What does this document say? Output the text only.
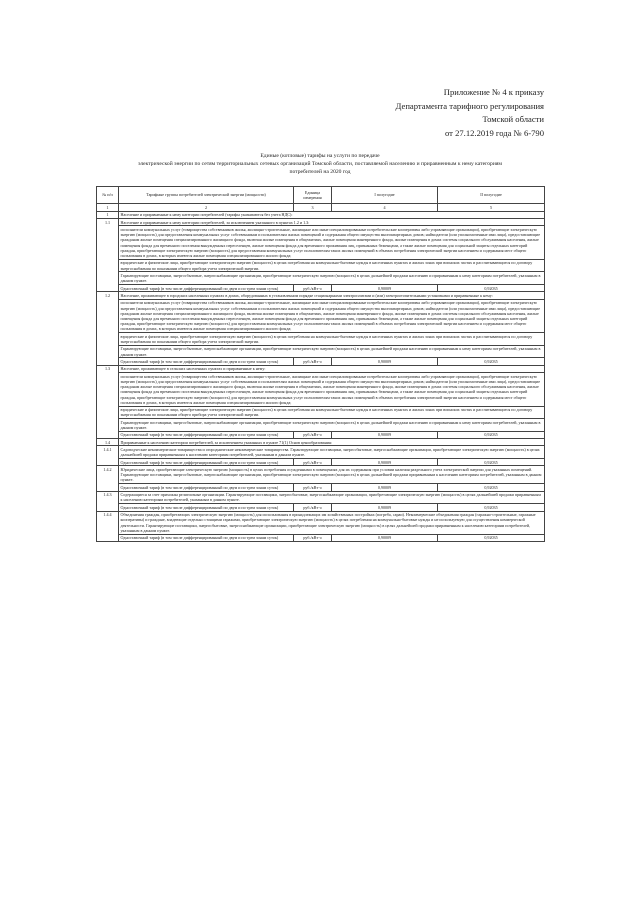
Приложение № 4 к приказу
Департамента тарифного регулирования
Томской области
от 27.12.2019 года № 6-790
Единые (котловые) тарифы на услуги по передаче
электрической энергии по сетям территориальных сетевых организаций Томской области, поставляемой населению и приравненным к нему категориям
потребителей на 2020 год
№ п/п	Тарифные группы потребителей электрической энергии (мощности)	Единица измерения	I полугодие	II полугодие
1	2	3	4	5
1	Население и приравненные к нему категории потребителей (тарифы указываются без учета НДС):			
1.1	Население и приравненные к нему категории потребителей, за исключением указанного в пунктах 1.2 и 1.3:			
	исполнители коммунальных услуг (товарищества собственников жилья, жилищно-строительные, жилищные или иные специализированные потребительские кооперативы либо управляющие организации), приобретающие электрическую энергию (мощность) для предоставления коммунальных услуг собственникам и пользователям жилых помещений и содержания общего имущества многоквартирных домов; наймодатели (или уполномоченные ими лица), предоставляющие гражданам жилые помещения специализированного жилищного фонда, включая жилые помещения в общежитиях, жилые помещения маневренного фонда, жилые помещения в домах системы социального обслуживания населения, жилые помещения фонда для временного поселения вынужденных переселенцев, жилые помещения фонда для временного проживания лиц, признанных беженцами, а также жилые помещения для социальной защиты отдельных категорий граждан, приобретающие электрическую энергию (мощность) для предоставления коммунальных услуг пользователям таких жилых помещений в объемах потребления электрической энергии населением и содержания мест общего пользования в домах, в которых имеются жилые помещения специализированного жилого фонда;			
	юридические и физические лица, приобретающие электрическую энергию (мощность) в целях потребления на коммунально-бытовые нужды в населенных пунктах и жилых зонах при воинских частях и рассчитывающиеся по договору энергоснабжения по показаниям общего прибора учета электрической энергии.			
	Гарантирующие поставщики, энергосбытовые, энергоснабжающие организации, приобретающие электрическую энергию (мощность) в целях дальнейшей продажи населению и приравненным к нему категориям потребителей, указанным в данном пункте.			
	Одноставочный тариф (в том числе дифференцированный по двум и по трем зонам суток)	руб./кВт·ч	0,90009	0,92035
1.2	Население, проживающее в городских населенных пунктах в домах, оборудованных в установленном порядке стационарными электроплитами и (или) электроотопительными установками и приравненные к нему:			
	исполнители коммунальных услуг (товарищества собственников жилья, жилищно-строительные, жилищные или иные специализированные потребительские кооперативы либо управляющие организации), приобретающие электрическую энергию (мощность) для предоставления коммунальных услуг собственникам и пользователям жилых помещений и содержания общего имущества многоквартирных домов; наймодатели (или уполномоченные ими лица), предоставляющие гражданам жилые помещения специализированного жилищного фонда, включая жилые помещения в общежитиях, жилые помещения маневренного фонда, жилые помещения в домах системы социального обслуживания населения, жилые помещения фонда для временного поселения вынужденных переселенцев, жилые помещения фонда для временного проживания лиц, признанных беженцами, а также жилые помещения для социальной защиты отдельных категорий граждан, приобретающие электрическую энергию (мощность) для предоставления коммунальных услуг пользователям таких жилых помещений в объемах потребления электрической энергии населением и содержания мест общего пользования в домах, в которых имеются жилые помещения специализированного жилого фонда;			
	юридические и физические лица, приобретающие электрическую энергию (мощность) в целях потребления на коммунально-бытовые нужды в населенных пунктах и жилых зонах при воинских частях и рассчитывающиеся по договору энергоснабжения по показаниям общего прибора учета электрической энергии.			
	Гарантирующие поставщики, энергосбытовые, энергоснабжающие организации, приобретающие электрическую энергию (мощность) в целях дальнейшей продажи населению и приравненным к нему категориям потребителей, указанным в данном пункте.			
	Одноставочный тариф (в том числе дифференцированный по двум и по трем зонам суток)	руб./кВт·ч	0,90009	0,92035
1.3	Население, проживающее в сельских населенных пунктах и приравненные к нему:			
	исполнители коммунальных услуг (товарищества собственников жилья, жилищно-строительные, жилищные или иные специализированные потребительские кооперативы либо управляющие организации), приобретающие электрическую энергию (мощность) для предоставления коммунальных услуг собственникам и пользователям жилых помещений и содержания общего имущества многоквартирных домов; наймодатели (или уполномоченные ими лица), предоставляющие гражданам жилые помещения специализированного жилищного фонда, включая жилые помещения в общежитиях, жилые помещения маневренного фонда, жилые помещения в домах системы социального обслуживания населения, жилые помещения фонда для временного поселения вынужденных переселенцев, жилые помещения фонда для временного проживания лиц, признанных беженцами, а также жилые помещения для социальной защиты отдельных категорий граждан, приобретающие электрическую энергию (мощность) для предоставления коммунальных услуг пользователям таких жилых помещений в объемах потребления электрической энергии населением и содержания мест общего пользования в домах, в которых имеются жилые помещения специализированного жилого фонда;			
	юридические и физические лица, приобретающие электрическую энергию (мощность) в целях потребления на коммунально-бытовые нужды в населенных пунктах и жилых зонах при воинских частях и рассчитывающиеся по договору энергоснабжения по показаниям общего прибора учета электрической энергии.			
	Гарантирующие поставщики, энергосбытовые, энергоснабжающие организации, приобретающие электрическую энергию (мощность) в целях дальнейшей продажи населению и приравненным к нему категориям потребителей, указанным в данном пункте.			
	Одноставочный тариф (в том числе дифференцированный по двум и по трем зонам суток)	руб./кВт·ч	0,90009	0,92035
1.4	Приравненные к населению категории потребителей, за исключением указанных в пункте 71(1) Основ ценообразования:			
1.4.1	Садоводческие некоммерческие товарищества и огороднические некоммерческие товарищества. Гарантирующие поставщики, энергосбытовые, энергоснабжающие организации, приобретающие электрическую энергию (мощность) в целях дальнейшей продажи приравненным к населению категориям потребителей, указанным в данном пункте.			
	Одноставочный тариф (в том числе дифференцированный по двум и по трем зонам суток)	руб./кВт·ч	0,90009	0,92035
1.4.2	Юридические лица, приобретающие электрическую энергию (мощность) в целях потребления осужденными в помещениях для их содержания при условии наличия раздельного учета электрической энергии для указанных помещений. Гарантирующие поставщики, энергосбытовые, энергоснабжающие организации, приобретающие электрическую энергию (мощность) в целях дальнейшей продажи приравненным к населению категориям потребителей, указанным в данном пункте.			
	Одноставочный тариф (в том числе дифференцированный по двум и по трем зонам суток)	руб./кВт·ч	0,90009	0,92035
1.4.3	Содержащиеся за счет прихожан религиозные организации. Гарантирующие поставщики, энергосбытовые, энергоснабжающие организации, приобретающие электрическую энергию (мощность) в целях дальнейшей продажи приравненным к населению категориям потребителей, указанным в данном пункте.			
	Одноставочный тариф (в том числе дифференцированный по двум и по трем зонам суток)	руб./кВт·ч	0,90009	0,92035
1.4.4	Объединения граждан, приобретающих электрическую энергию (мощность) для использования в принадлежащих им хозяйственных постройках (погреба, сараи). Некоммерческие объединения граждан (гаражно-строительные, гаражные кооперативы) и граждане, владеющие отдельно стоящими гаражами, приобретающие электрическую энергию (мощность) в целях потребления на коммунально-бытовые нужды и не используемую для осуществления коммерческой деятельности. Гарантирующие поставщики, энергосбытовые, энергоснабжающие организации, приобретающие электрическую энергию (мощность) в целях дальнейшей продажи приравненным к населению категориям потребителей, указанным в данном пункте.			
	Одноставочный тариф (в том числе дифференцированный по двум и по трем зонам суток)	руб./кВт·ч	0,90009	0,92035
